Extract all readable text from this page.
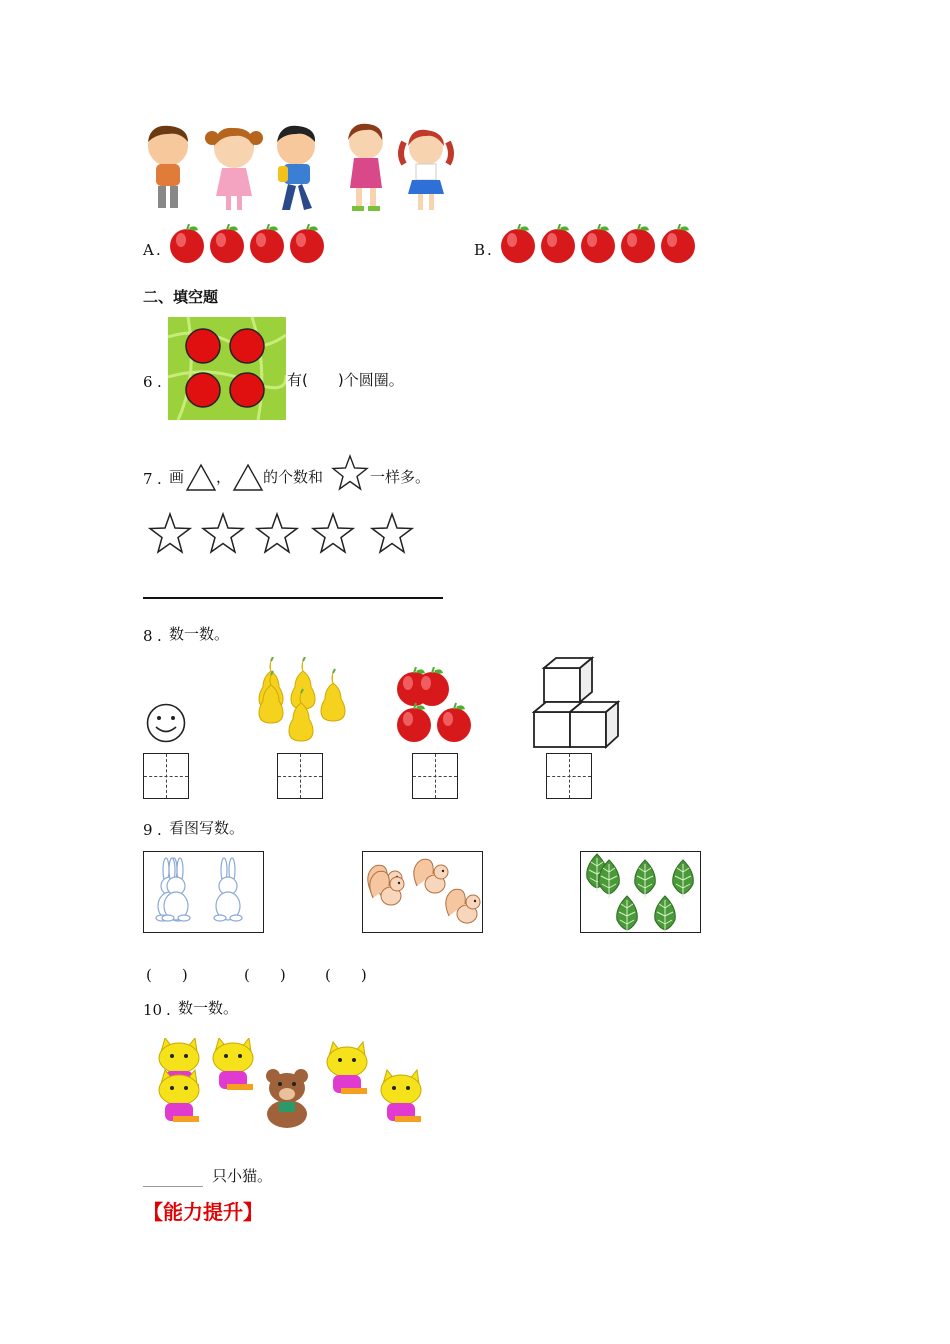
A .	B .
二、填空题
6 .	有(　　)个圆圈。
7 . 画 ， 的个数和	一样多。
8 . 数一数。
9 . 看图写数。
(　　)	(　　)	(　　)
10 . 数一数。
________ 只小猫。
【能力提升】
